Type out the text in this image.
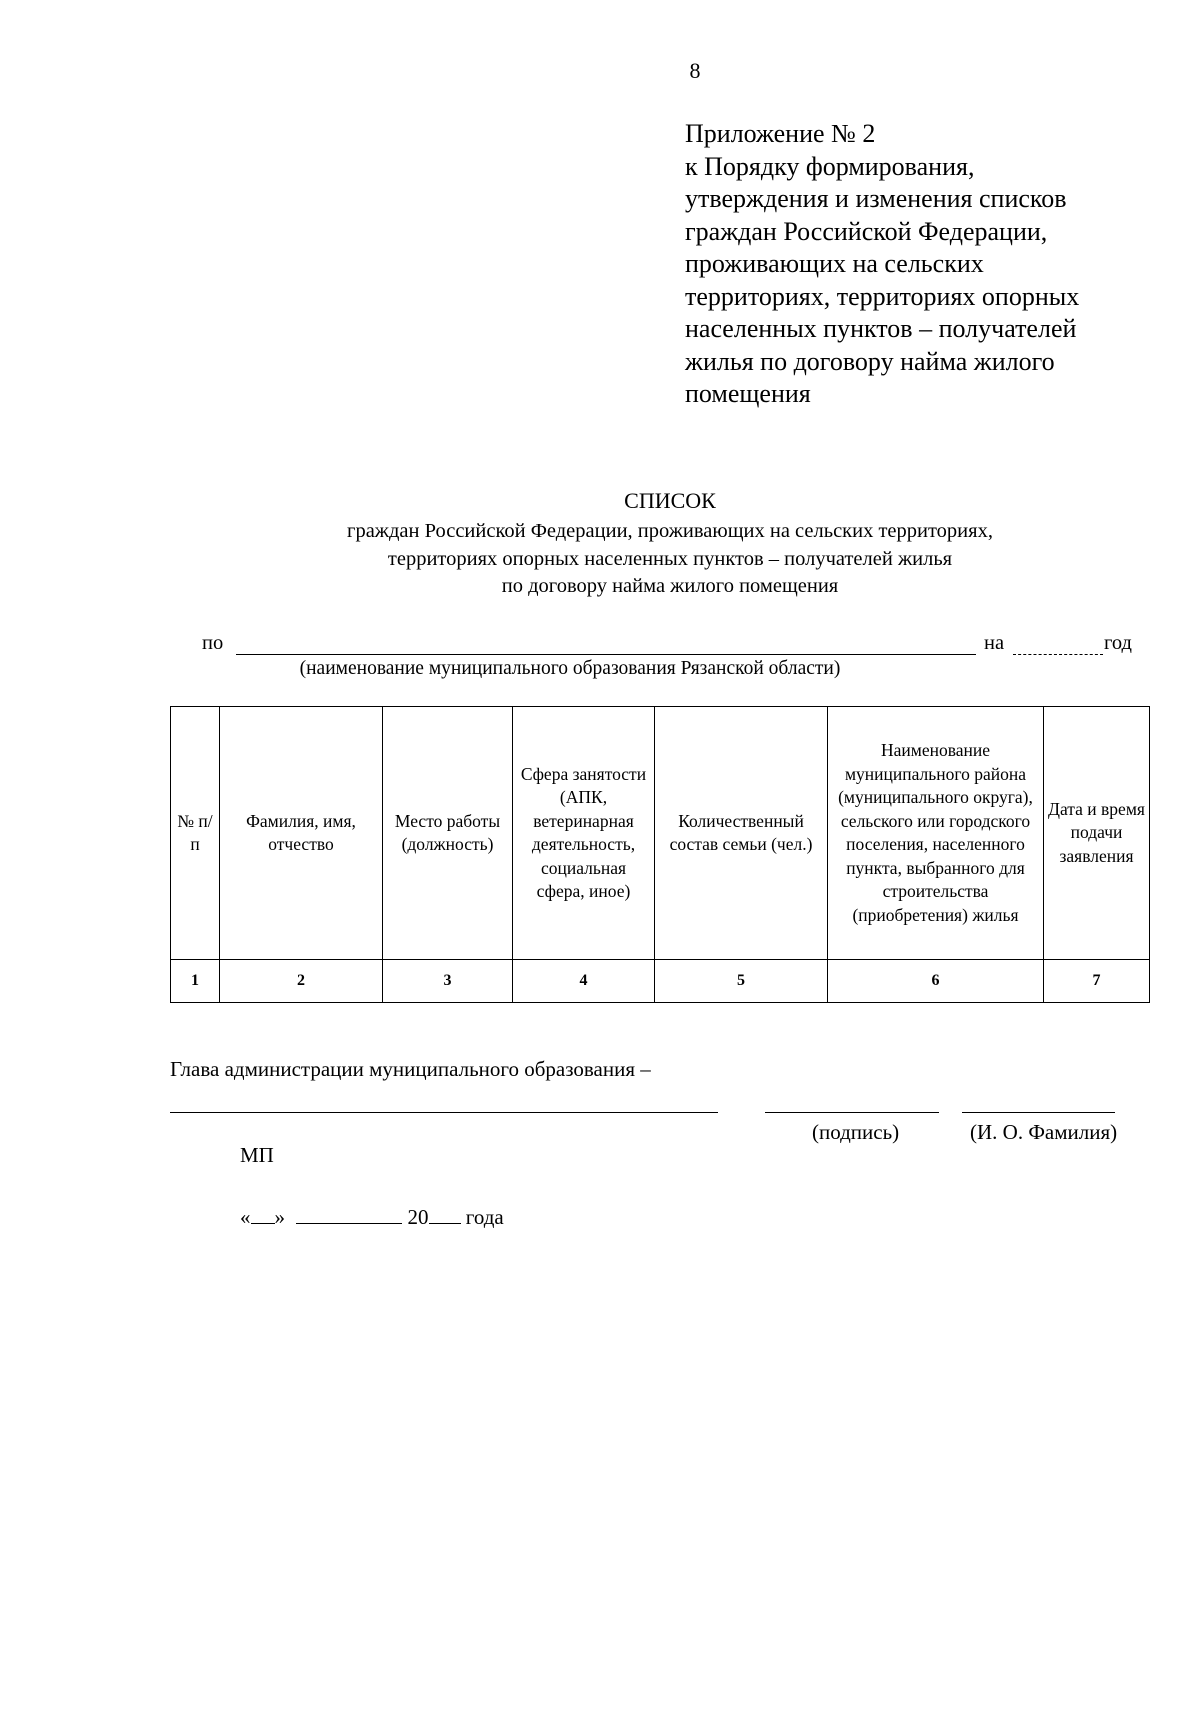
8
Приложение № 2
к Порядку формирования,
утверждения и изменения списков
граждан Российской Федерации,
проживающих на сельских
территориях, территориях опорных
населенных пунктов – получателей
жилья по договору найма жилого
помещения
СПИСОК
граждан Российской Федерации, проживающих на сельских территориях,
территориях опорных населенных пунктов – получателей жилья
по договору найма жилого помещения
по	на	год
(наименование муниципального образования Рязанской области)
№ п/п	Фамилия, имя, отчество	Место работы (должность)	Сфера занятости (АПК, ветеринарная деятельность, социальная сфера, иное)	Количественный состав семьи (чел.)	Наименование муниципального района (муниципального округа), сельского или городского поселения, населенного пункта, выбранного для строительства (приобретения) жилья	Дата и время подачи заявления
1	2	3	4	5	6	7
Глава администрации муниципального образования –
(подпись)	(И. О. Фамилия)
МП
« »	20 года
